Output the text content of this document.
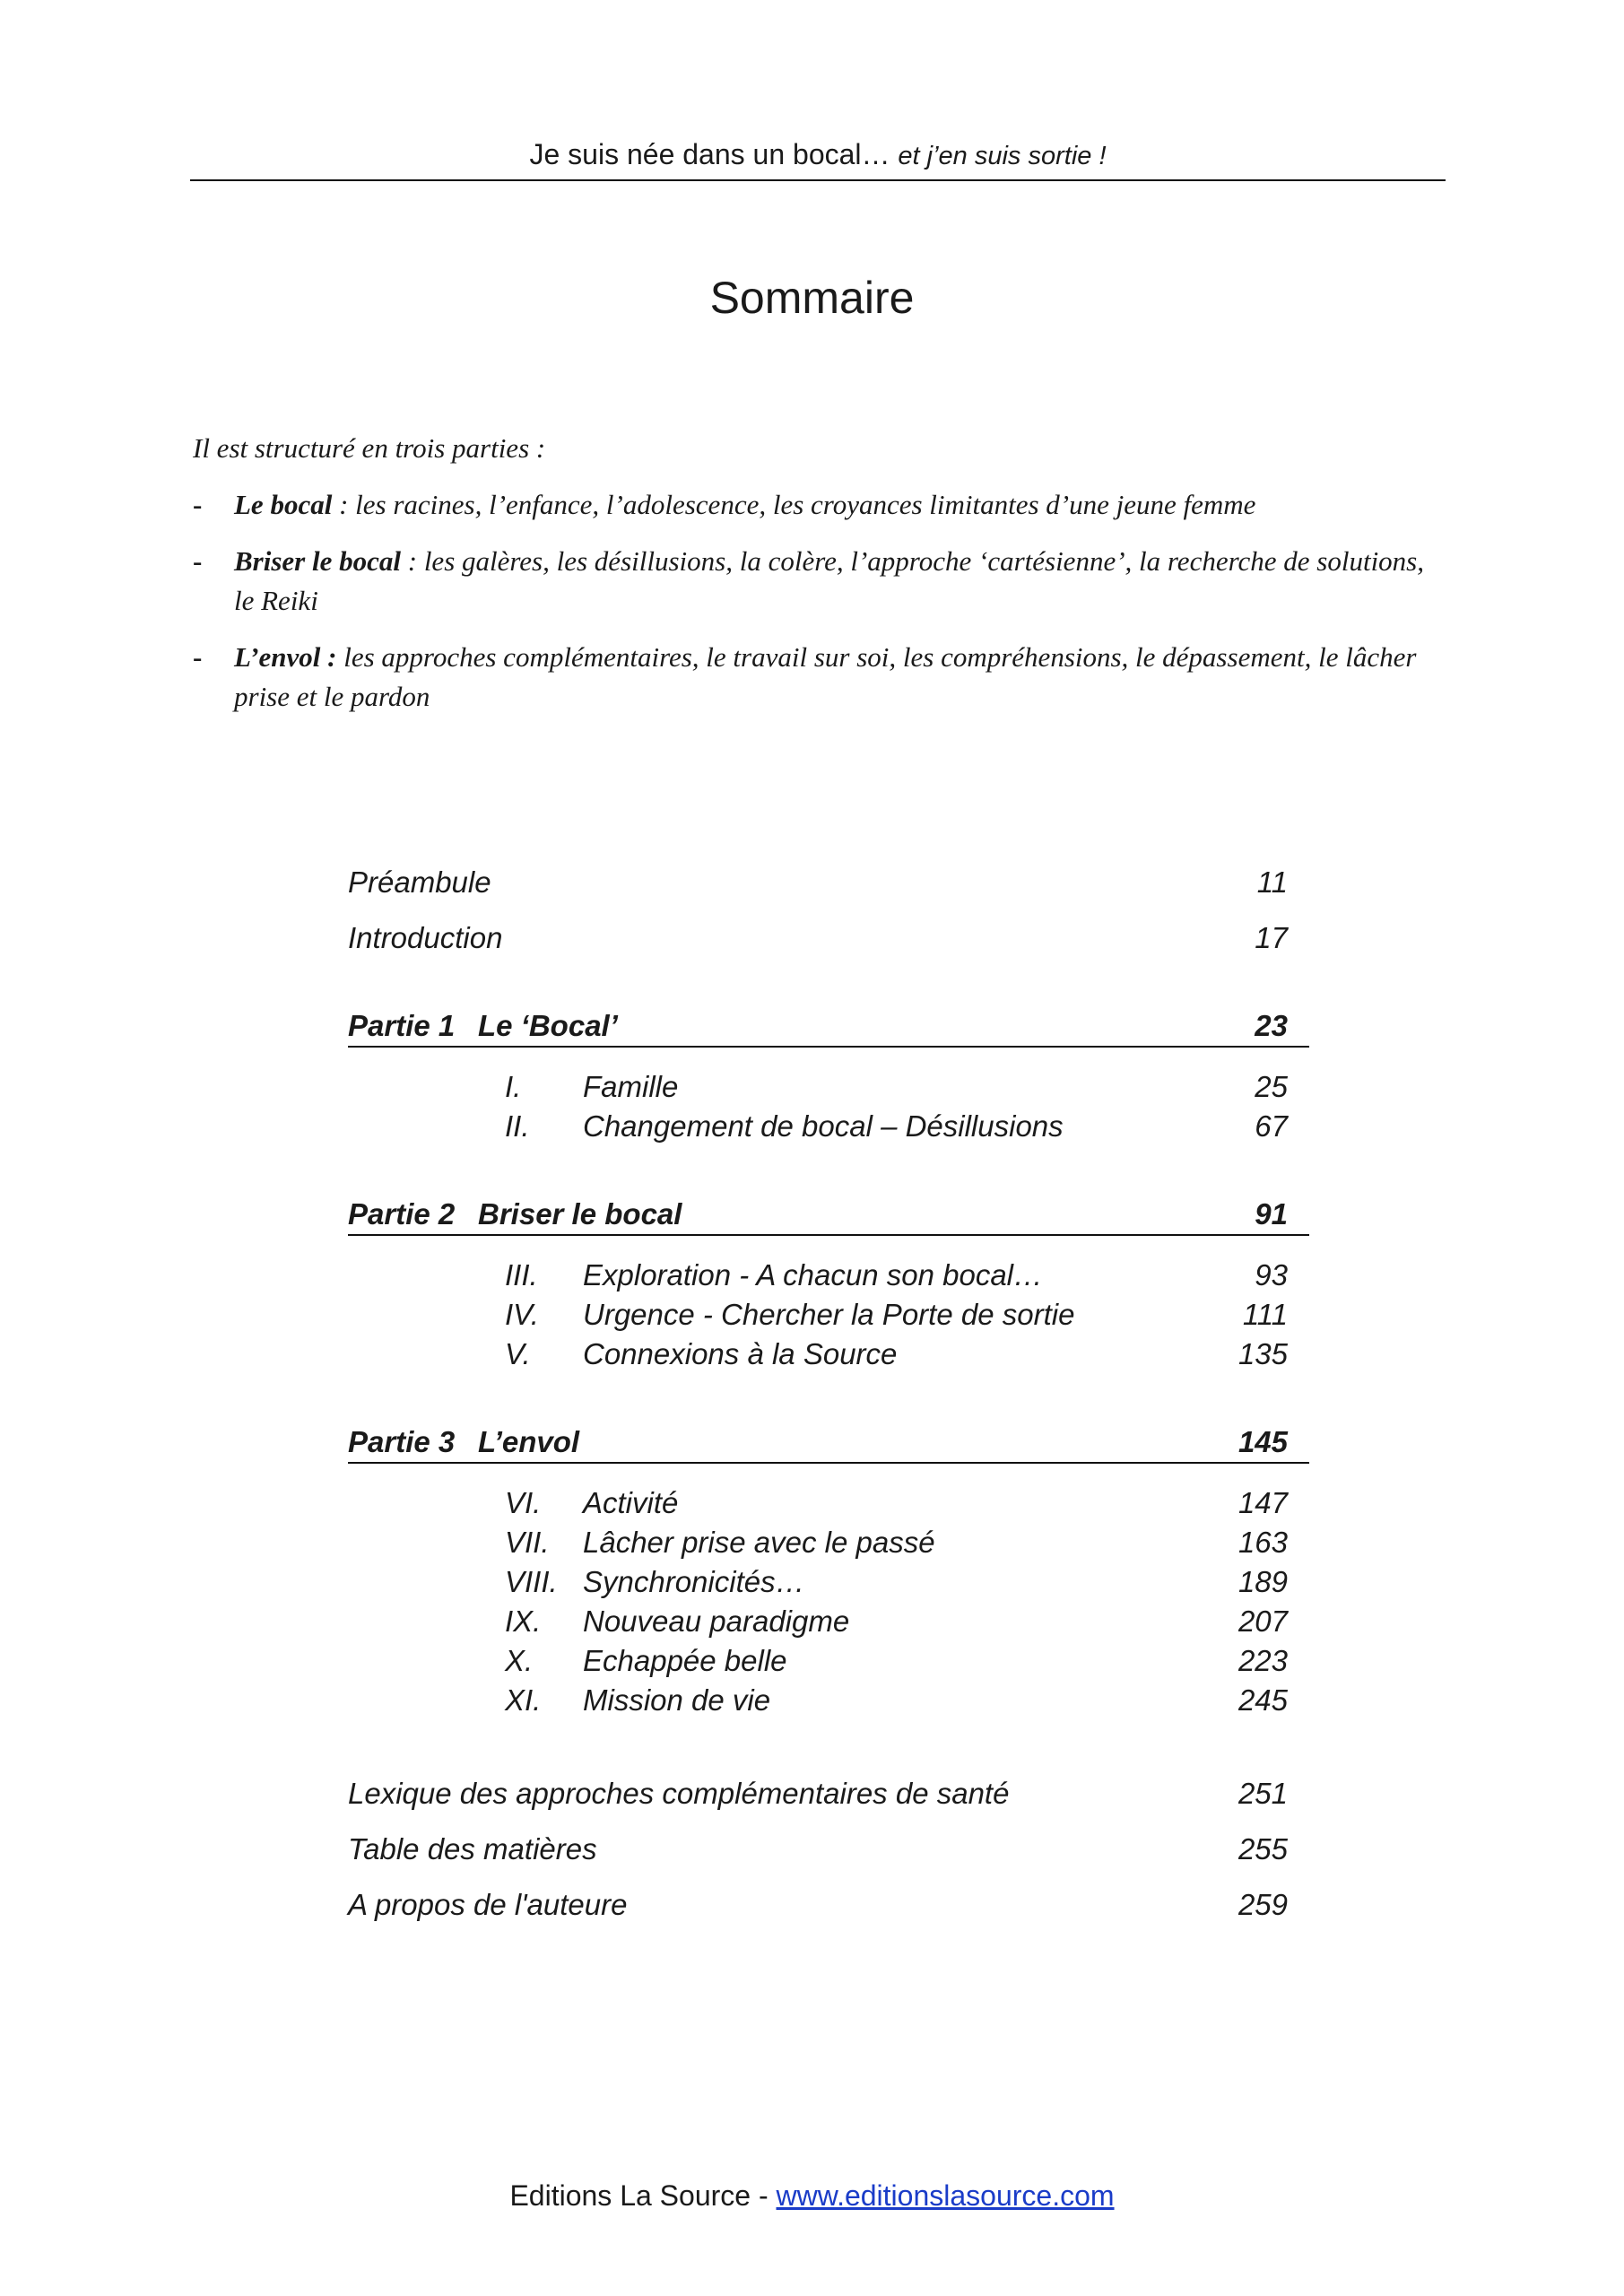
Je suis née dans un bocal… et j’en suis sortie !
Sommaire

Il est structuré en trois parties :

- Le bocal : les racines, l’enfance, l’adolescence, les croyances limitantes d’une jeune femme
- Briser le bocal : les galères, les désillusions, la colère, l’approche ‘cartésienne’, la recherche de solutions, le Reiki
- L’envol : les approches complémentaires, le travail sur soi, les compréhensions, le dépassement, le lâcher prise et le pardon
Préambule	11
Introduction	17
Partie 1 Le ‘Bocal’	23
I. Famille	25
II. Changement de bocal – Désillusions	67
Partie 2 Briser le bocal	91
III. Exploration - A chacun son bocal…	93
IV. Urgence - Chercher la Porte de sortie	111
V. Connexions à la Source	135
Partie 3 L’envol	145
VI. Activité	147
VII. Lâcher prise avec le passé	163
VIII. Synchronicités…	189
IX. Nouveau paradigme	207
X. Echappée belle	223
XI. Mission de vie	245
Lexique des approches complémentaires de santé	251
Table des matières	255
A propos de l'auteure	259
Editions La Source - www.editionslasource.com
